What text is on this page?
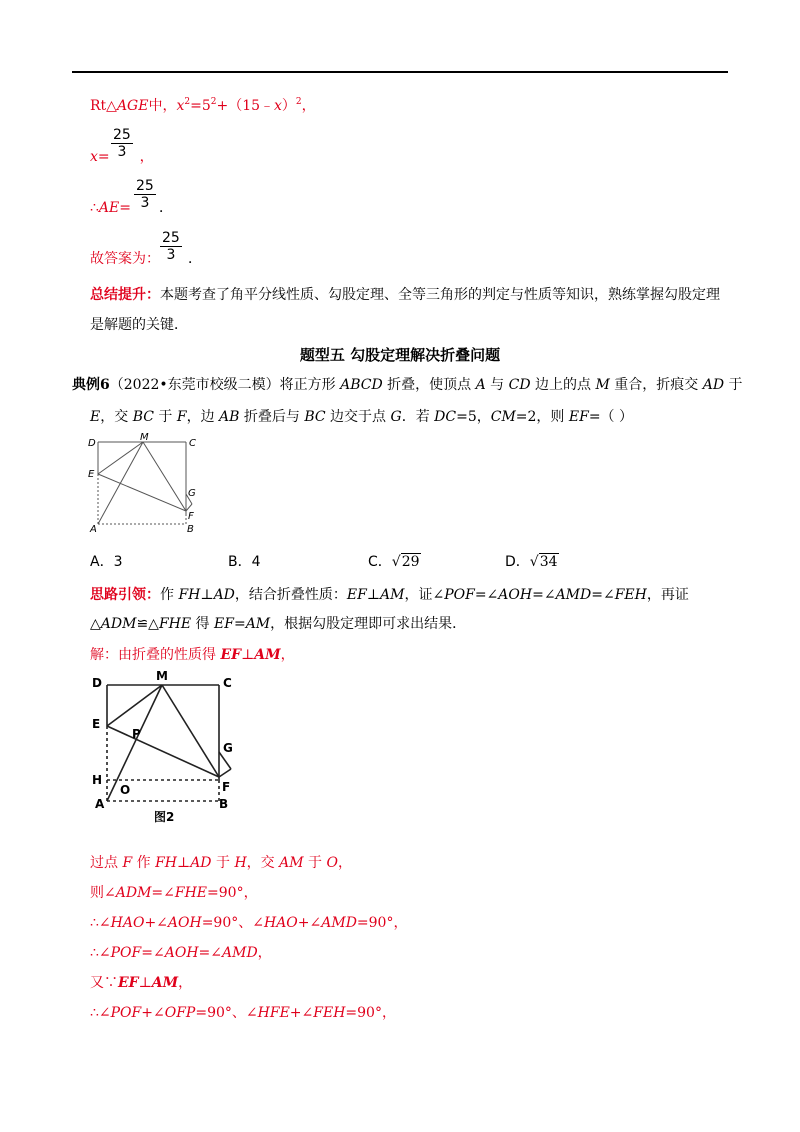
Rt△AGE中，$x^2=5^2+(15﹣x)^2$，
x= ，
25
3
∴AE= ．
25
3
故答案为： ．
25
3
总结提升：本题考查了角平分线性质、勾股定理、全等三角形的判定与性质等知识，熟练掌握勾股定理
是解题的关键．
题型五 勾股定理解决折叠问题
典例6（2022•东莞市校级二模）将正方形 ABCD 折叠，使顶点 A 与 CD 边上的点 M 重合，折痕交 AD 于
E，交 BC 于 F，边 AB 折叠后与 BC 边交于点 G．若 DC=5，CM=2，则 EF=（ ）
D
M
C
E
G
F
A	B
A．3	B．4	C．√29	D．√34
思路引领：作 FH⊥AD，结合折叠性质：EF⊥AM，证∠POF=∠AOH=∠AMD=∠FEH，再证
△ADM≌△FHE 得 EF=AM，根据勾股定理即可求出结果．
解：由折叠的性质得 EF⊥AM，
D	M	C
E
P
G
H
O	F
A	B
图2
过点 F 作 FH⊥AD 于 H，交 AM 于 O，
则∠ADM=∠FHE=90°，
∴∠HAO+∠AOH=90°、∠HAO+∠AMD=90°，
∴∠POF=∠AOH=∠AMD，
又∵EF⊥AM，
∴∠POF+∠OFP=90°、∠HFE+∠FEH=90°，
